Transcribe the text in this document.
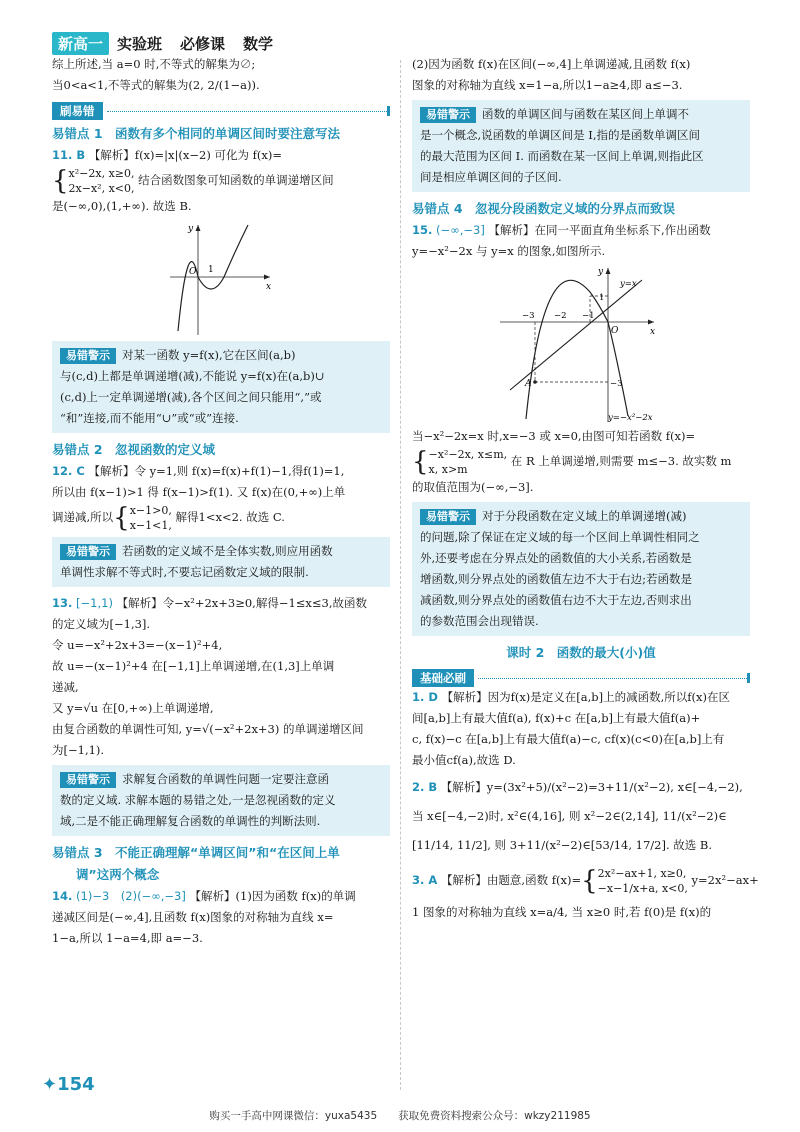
新高一 实验班 必修课 数学
综上所述,当 a=0 时,不等式的解集为∅;
当0<a<1,不等式的解集为(2, 2/(1−a)).
刷易错
易错点 1　函数有多个相同的单调区间时要注意写法
11. B 【解析】f(x)=|x|(x−2) 可化为 f(x)=
{x²−2x, x≥0,
2x−x², x<0, 结合函数图象可知函数的单调递增区间
是(−∞,0),(1,+∞). 故选 B.
O 1
x
y
易错警示 对某一函数 y=f(x),它在区间(a,b)
与(c,d)上都是单调递增(减),不能说 y=f(x)在(a,b)∪
(c,d)上一定单调递增(减),各个区间之间只能用“,”或
“和”连接,而不能用“∪”或“或”连接.
易错点 2　忽视函数的定义域
12. C 【解析】令 y=1,则 f(x)=f(x)+f(1)−1,得f(1)=1,
所以由 f(x−1)>1 得 f(x−1)>f(1). 又 f(x)在(0,+∞)上单
调递减,所以{x−1>0,
x−1<1, 解得1<x<2. 故选 C.
易错警示 若函数的定义域不是全体实数,则应用函数
单调性求解不等式时,不要忘记函数定义域的限制.
13. [−1,1) 【解析】令−x²+2x+3≥0,解得−1≤x≤3,故函数
的定义域为[−1,3].
令 u=−x²+2x+3=−(x−1)²+4,
故 u=−(x−1)²+4 在[−1,1]上单调递增,在(1,3]上单调
递减,
又 y=√u 在[0,+∞)上单调递增,
由复合函数的单调性可知, y=√(−x²+2x+3) 的单调递增区间
为[−1,1).
易错警示 求解复合函数的单调性问题一定要注意函
数的定义域. 求解本题的易错之处,一是忽视函数的定义
域,二是不能正确理解复合函数的单调性的判断法则.
易错点 3　不能正确理解“单调区间”和“在区间上单
调”这两个概念
14. (1)−3　(2)(−∞,−3] 【解析】(1)因为函数 f(x)的单调
递减区间是(−∞,4],且函数 f(x)图象的对称轴为直线 x=
1−a,所以 1−a=4,即 a=−3.
(2)因为函数 f(x)在区间(−∞,4]上单调递减,且函数 f(x)
图象的对称轴为直线 x=1−a,所以1−a≥4,即 a≤−3.
易错警示 函数的单调区间与函数在某区间上单调不
是一个概念,说函数的单调区间是 I,指的是函数单调区间
的最大范围为区间 I. 而函数在某一区间上单调,则指此区
间是相应单调区间的子区间.
易错点 4　忽视分段函数定义域的分界点而致误
15. (−∞,−3] 【解析】在同一平面直角坐标系下,作出函数
y=−x²−2x 与 y=x 的图象,如图所示.
y
x
O
y=x
y=−x²−2x
−3 −2 −1
1
−3
A
当−x²−2x=x 时,x=−3 或 x=0,由图可知若函数 f(x)=
{−x²−2x, x≤m,
x, x>m 在 R 上单调递增,则需要 m≤−3. 故实数 m
的取值范围为(−∞,−3].
易错警示 对于分段函数在定义域上的单调递增(减)
的问题,除了保证在定义域的每一个区间上单调性相同之
外,还要考虑在分界点处的函数值的大小关系,若函数是
增函数,则分界点处的函数值左边不大于右边;若函数是
减函数,则分界点处的函数值右边不大于左边,否则求出
的参数范围会出现错误.
课时 2　函数的最大(小)值
基础必刷
1. D 【解析】因为f(x)是定义在[a,b]上的减函数,所以f(x)在区
间[a,b]上有最大值f(a), f(x)+c 在[a,b]上有最大值f(a)+
c, f(x)−c 在[a,b]上有最大值f(a)−c, cf(x)(c<0)在[a,b]上有
最小值cf(a),故选 D.
2. B 【解析】y=(3x²+5)/(x²−2)=3+11/(x²−2), x∈[−4,−2),
当 x∈[−4,−2)时, x²∈(4,16], 则 x²−2∈(2,14], 11/(x²−2)∈
[11/14, 11/2], 则 3+11/(x²−2)∈[53/14, 17/2]. 故选 B.
3. A 【解析】由题意,函数 f(x)={2x²−ax+1, x≥0,
−x−1/x+a, x<0, y=2x²−ax+
1 图象的对称轴为直线 x=a/4, 当 x≥0 时,若 f(0)是 f(x)的
✦154
购买一手高中网课微信：yuxa5435　　获取免费资料搜索公众号：wkzy211985
